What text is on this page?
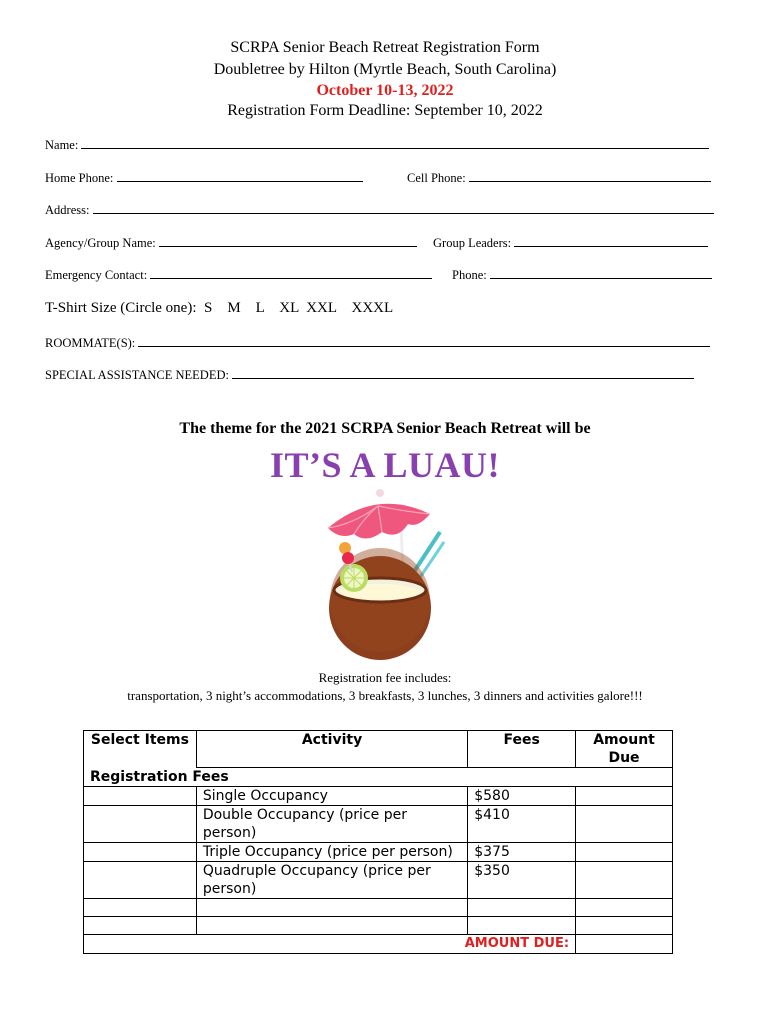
SCRPA Senior Beach Retreat Registration Form
Doubletree by Hilton (Myrtle Beach, South Carolina)
October 10-13, 2022
Registration Form Deadline: September 10, 2022
Name:
Home Phone:	Cell Phone:
Address:
Agency/Group Name:	Group Leaders:
Emergency Contact:	Phone:
T-Shirt Size (Circle one):  S    M    L    XL  XXL    XXXL
ROOMMATE(S):
SPECIAL ASSISTANCE NEEDED:
The theme for the 2021 SCRPA Senior Beach Retreat will be
IT’S A LUAU!
Registration fee includes:
transportation, 3 night’s accommodations, 3 breakfasts, 3 lunches, 3 dinners and activities galore!!!
Select Items	Activity	Fees	Amount Due
Registration Fees			
	Single Occupancy	$580	
	Double Occupancy (price per person)	$410	
	Triple Occupancy (price per person)	$375	
	Quadruple Occupancy (price per person)	$350	

AMOUNT DUE:			
